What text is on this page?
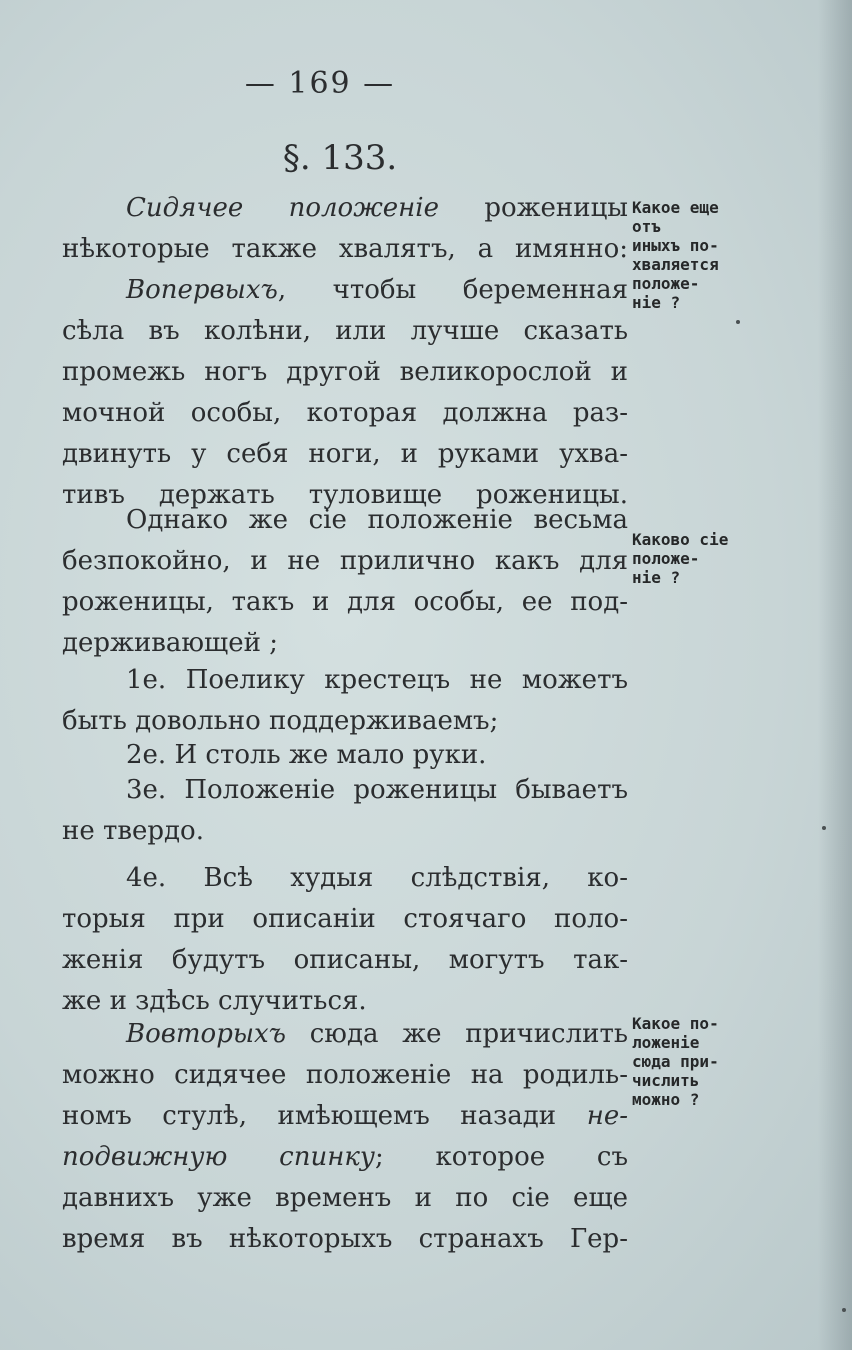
— 169 —
§. 133.
Сидячее положеніе роженицы
нѣкоторые также хвалятъ, а имянно:
Вопервыхъ, чтобы беременная
сѣла въ колѣни, или лучше сказать
промежь ногъ другой великорослой и
мочной особы, которая должна раз-
двинуть у себя ноги, и руками ухва-
тивъ держать туловище роженицы.
Однако же сіе положеніе весьма
безпокойно, и не прилично какъ для
роженицы, такъ и для особы, ее под-
держивающей ;
1е. Поелику крестецъ не можетъ
быть довольно поддерживаемъ;
2е. И столь же мало руки.
3е. Положеніе роженицы бываетъ
не твердо.
4е. Всѣ худыя слѣдствія, ко-
торыя при описаніи стоячаго поло-
женія будутъ описаны, могутъ так-
же и здѣсь случиться.
Вовторыхъ сюда же причислить
можно сидячее положеніе на родиль-
номъ стулѣ, имѣющемъ назади не-
подвижную спинку; которое съ
давнихъ уже временъ и по сіе еще
время въ нѣкоторыхъ странахъ Гер-
Какое еще
отъ
иныхъ по-
хваляется
положе-
ніе ?
Каково сіе
положе-
ніе ?
Какое по-
ложеніе
сюда при-
числить
можно ?
